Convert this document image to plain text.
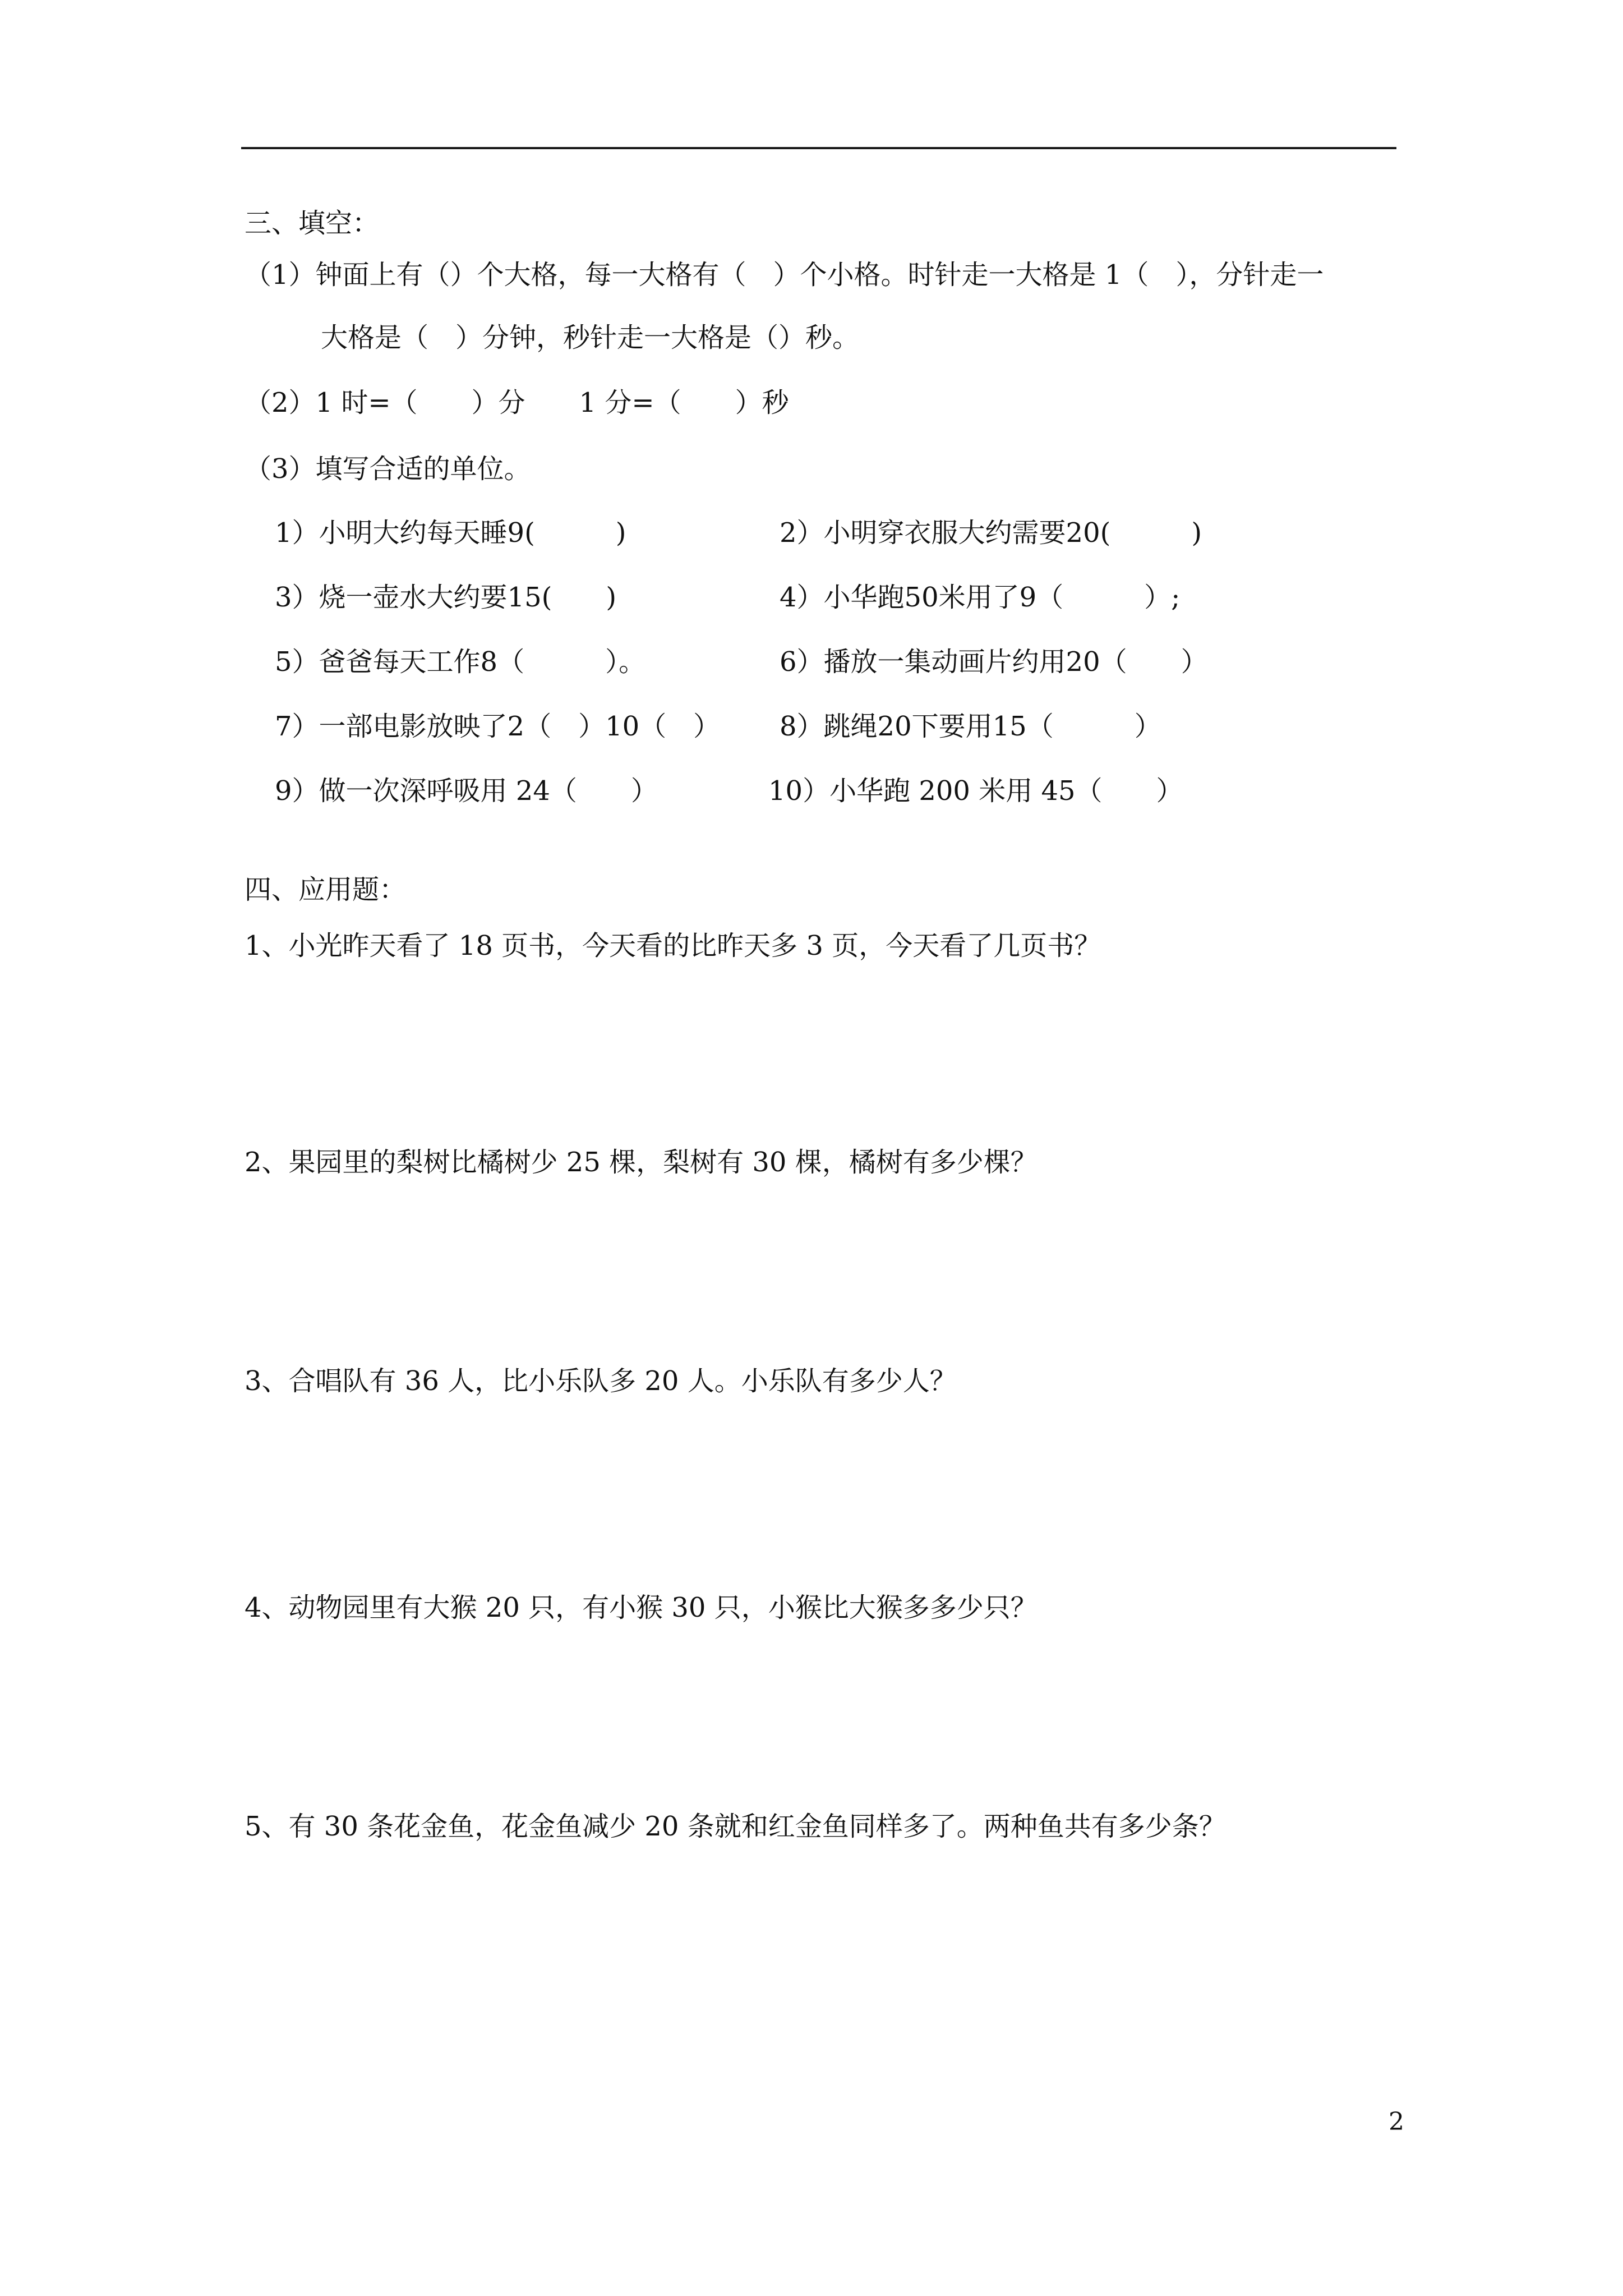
三、填空：
（1）钟面上有（）个大格，每一大格有（　）个小格。时针走一大格是 1（　），分针走一
大格是（　）分钟，秒针走一大格是（）秒。
（2）1 时=（　　）分　　1 分=（　　）秒
（3）填写合适的单位。
1）小明大约每天睡9(　　　)	2）小明穿衣服大约需要20(　　　)
3）烧一壶水大约要15(　　)	4）小华跑50米用了9（　　　）;
5）爸爸每天工作8（　　　）。	6）播放一集动画片约用20（　　）
7）一部电影放映了2（　）10（　） 8）跳绳20下要用15（　　　）
9）做一次深呼吸用 24（　　）	10）小华跑 200 米用 45（　　）
四、应用题：
1、小光昨天看了 18 页书，今天看的比昨天多 3 页，今天看了几页书？
2、果园里的梨树比橘树少 25 棵，梨树有 30 棵，橘树有多少棵？
3、合唱队有 36 人，比小乐队多 20 人。小乐队有多少人？
4、动物园里有大猴 20 只，有小猴 30 只，小猴比大猴多多少只？
5、有 30 条花金鱼，花金鱼减少 20 条就和红金鱼同样多了。两种鱼共有多少条？
2
